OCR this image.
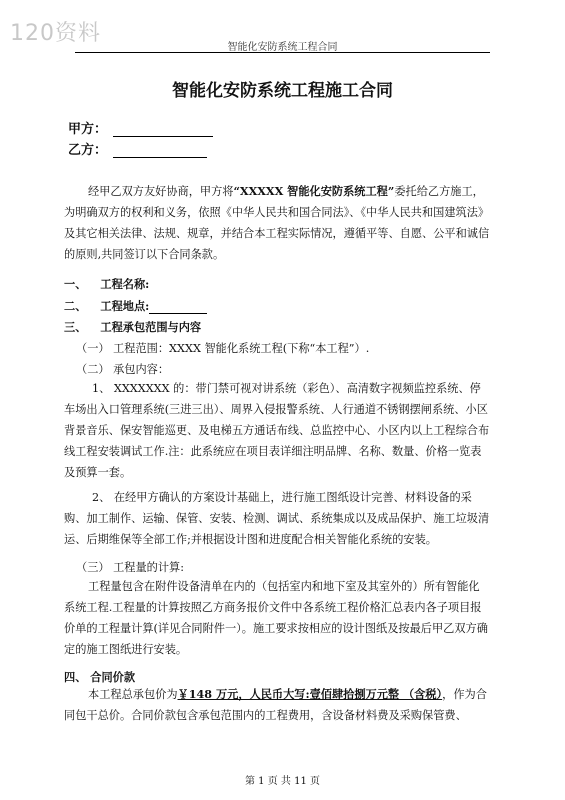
120资料
智能化安防系统工程合同
智能化安防系统工程施工合同
甲方：
乙方：
经甲乙双方友好协商，甲方将“XXXXX 智能化安防系统工程”委托给乙方施工，为明确双方的权利和义务，依照《中华人民共和国合同法》、《中华人民共和国建筑法》及其它相关法律、法规、规章，并结合本工程实际情况，遵循平等、自愿、公平和诚信的原则,共同签订以下合同条款。
一、 工程名称:
二、 工程地点:
三、 工程承包范围与内容
（一） 工程范围：XXXX 智能化系统工程(下称“本工程”）.
（二） 承包内容：
1、 XXXXXXX 的：带门禁可视对讲系统（彩色）、高清数字视频监控系统、停车场出入口管理系统(三进三出）、周界入侵报警系统、人行通道不锈钢摆闸系统、小区背景音乐、保安智能巡更、及电梯五方通话布线、总监控中心、小区内以上工程综合布线工程安装调试工作.注：此系统应在项目表详细注明品牌、名称、数量、价格一览表及预算一套。
2、 在经甲方确认的方案设计基础上，进行施工图纸设计完善、材料设备的采购、加工制作、运输、保管、安装、检测、调试、系统集成以及成品保护、施工垃圾清运、后期维保等全部工作;并根据设计图和进度配合相关智能化系统的安装。
（三） 工程量的计算:
工程量包含在附件设备清单在内的（包括室内和地下室及其室外的）所有智能化系统工程.工程量的计算按照乙方商务报价文件中各系统工程价格汇总表内各子项目报价单的工程量计算(详见合同附件一）。施工要求按相应的设计图纸及按最后甲乙双方确定的施工图纸进行安装。
四、 合同价款
本工程总承包价为￥148 万元，人民币大写:壹佰肆拾捌万元整 （含税），作为合同包干总价。合同价款包含承包范围内的工程费用，含设备材料费及采购保管费、
第 1 页 共 11 页
